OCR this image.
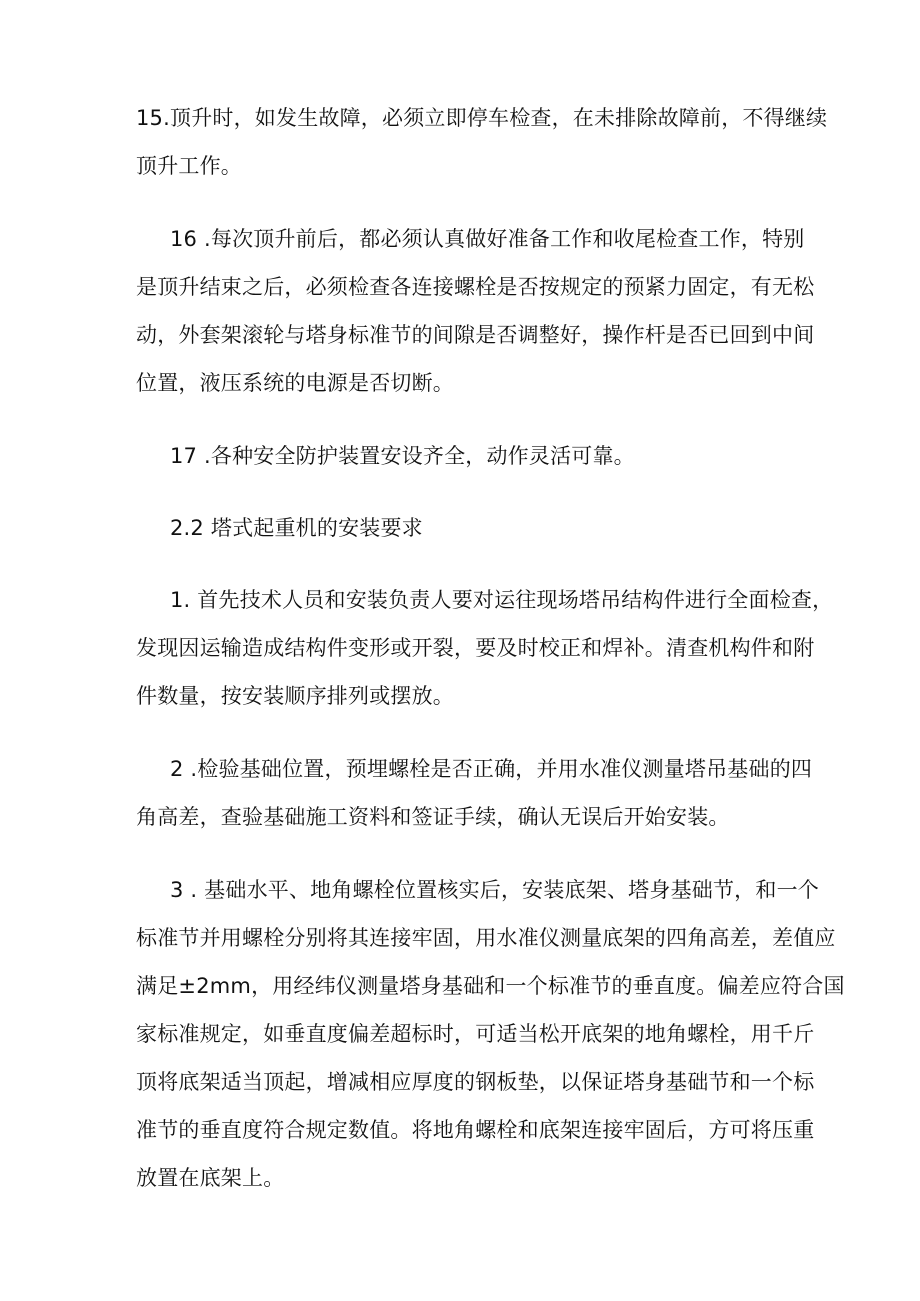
15.顶升时，如发生故障，必须立即停车检查，在未排除故障前，不得继续
顶升工作。
16 .每次顶升前后，都必须认真做好准备工作和收尾检查工作，特别
是顶升结束之后，必须检查各连接螺栓是否按规定的预紧力固定，有无松
动，外套架滚轮与塔身标准节的间隙是否调整好，操作杆是否已回到中间
位置，液压系统的电源是否切断。
17 .各种安全防护装置安设齐全，动作灵活可靠。
2.2 塔式起重机的安装要求
1. 首先技术人员和安装负责人要对运往现场塔吊结构件进行全面检查，
发现因运输造成结构件变形或开裂，要及时校正和焊补。清查机构件和附
件数量，按安装顺序排列或摆放。
2 .检验基础位置，预埋螺栓是否正确，并用水准仪测量塔吊基础的四
角高差，查验基础施工资料和签证手续，确认无误后开始安装。
3 . 基础水平、地角螺栓位置核实后，安装底架、塔身基础节，和一个
标准节并用螺栓分别将其连接牢固，用水准仪测量底架的四角高差，差值应
满足±2mm，用经纬仪测量塔身基础和一个标准节的垂直度。偏差应符合国
家标准规定，如垂直度偏差超标时，可适当松开底架的地角螺栓，用千斤
顶将底架适当顶起，增减相应厚度的钢板垫，以保证塔身基础节和一个标
准节的垂直度符合规定数值。将地角螺栓和底架连接牢固后，方可将压重
放置在底架上。
